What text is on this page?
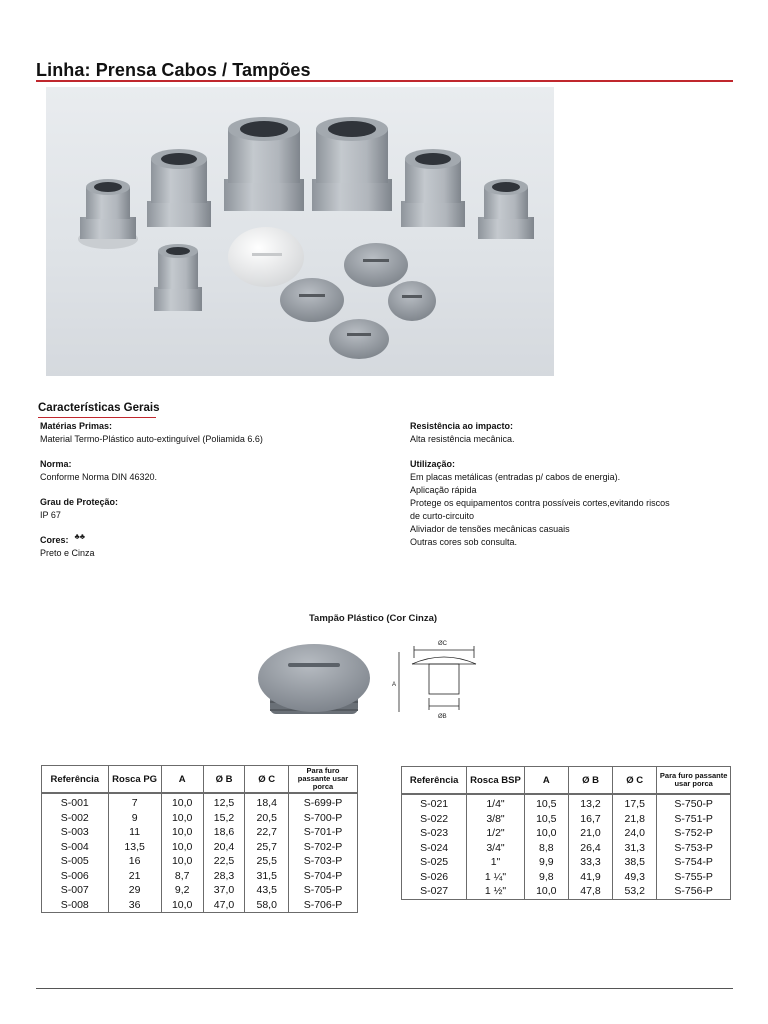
Linha: Prensa Cabos / Tampões
Características Gerais
Matérias Primas:
Material Termo-Plástico auto-extinguível (Poliamida 6.6)
Norma:
Conforme Norma DIN 46320.
Grau de Proteção:
IP 67
Cores: ♣♣
Preto e Cinza
Resistência ao impacto:
Alta resistência mecânica.
Utilização:
Em placas metálicas (entradas p/ cabos de energia).
Aplicação rápida
Protege os equipamentos contra possíveis cortes,evitando riscos
de curto-circuito
Aliviador de tensões mecânicas casuais
Outras cores sob consulta.
Tampão Plástico (Cor Cinza)
ØC
A
ØB
Referência	Rosca PG	A	Ø B	Ø C	Para furo passante usar porca
S-001	7	10,0	12,5	18,4	S-699-P
S-002	9	10,0	15,2	20,5	S-700-P
S-003	11	10,0	18,6	22,7	S-701-P
S-004	13,5	10,0	20,4	25,7	S-702-P
S-005	16	10,0	22,5	25,5	S-703-P
S-006	21	8,7	28,3	31,5	S-704-P
S-007	29	9,2	37,0	43,5	S-705-P
S-008	36	10,0	47,0	58,0	S-706-P
Referência	Rosca BSP	A	Ø B	Ø C	Para furo passante usar porca
S-021	1/4"	10,5	13,2	17,5	S-750-P
S-022	3/8"	10,5	16,7	21,8	S-751-P
S-023	1/2"	10,0	21,0	24,0	S-752-P
S-024	3/4"	8,8	26,4	31,3	S-753-P
S-025	1"	9,9	33,3	38,5	S-754-P
S-026	1 ¼"	9,8	41,9	49,3	S-755-P
S-027	1 ½"	10,0	47,8	53,2	S-756-P
